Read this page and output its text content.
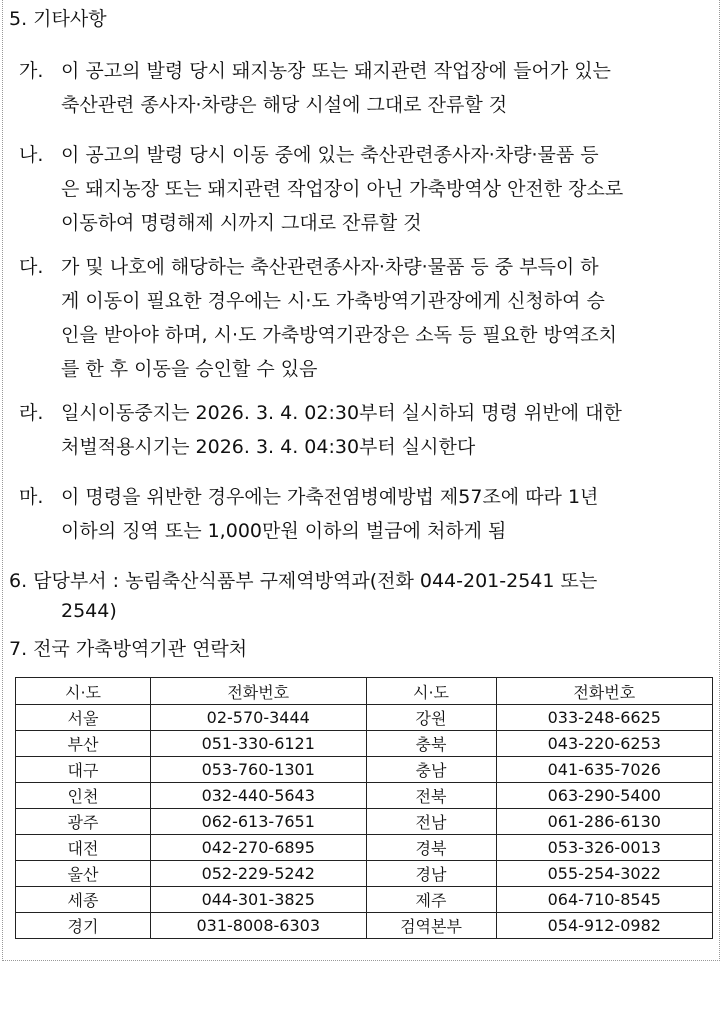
5. 기타사항
가. 이 공고의 발령 당시 돼지농장 또는 돼지관련 작업장에 들어가 있는
축산관련 종사자·차량은 해당 시설에 그대로 잔류할 것
나. 이 공고의 발령 당시 이동 중에 있는 축산관련종사자·차량·물품 등
은 돼지농장 또는 돼지관련 작업장이 아닌 가축방역상 안전한 장소로
이동하여 명령해제 시까지 그대로 잔류할 것
다. 가 및 나호에 해당하는 축산관련종사자·차량·물품 등 중 부득이 하
게 이동이 필요한 경우에는 시·도 가축방역기관장에게 신청하여 승
인을 받아야 하며, 시·도 가축방역기관장은 소독 등 필요한 방역조치
를 한 후 이동을 승인할 수 있음
라. 일시이동중지는 2026. 3. 4. 02:30부터 실시하되 명령 위반에 대한
처벌적용시기는 2026. 3. 4. 04:30부터 실시한다
마. 이 명령을 위반한 경우에는 가축전염병예방법 제57조에 따라 1년
이하의 징역 또는 1,000만원 이하의 벌금에 처하게 됨
6. 담당부서 : 농림축산식품부 구제역방역과(전화 044-201-2541 또는
2544)
7. 전국 가축방역기관 연락처
시·도	전화번호	시·도	전화번호
서울	02-570-3444	강원	033-248-6625
부산	051-330-6121	충북	043-220-6253
대구	053-760-1301	충남	041-635-7026
인천	032-440-5643	전북	063-290-5400
광주	062-613-7651	전남	061-286-6130
대전	042-270-6895	경북	053-326-0013
울산	052-229-5242	경남	055-254-3022
세종	044-301-3825	제주	064-710-8545
경기	031-8008-6303	검역본부	054-912-0982
